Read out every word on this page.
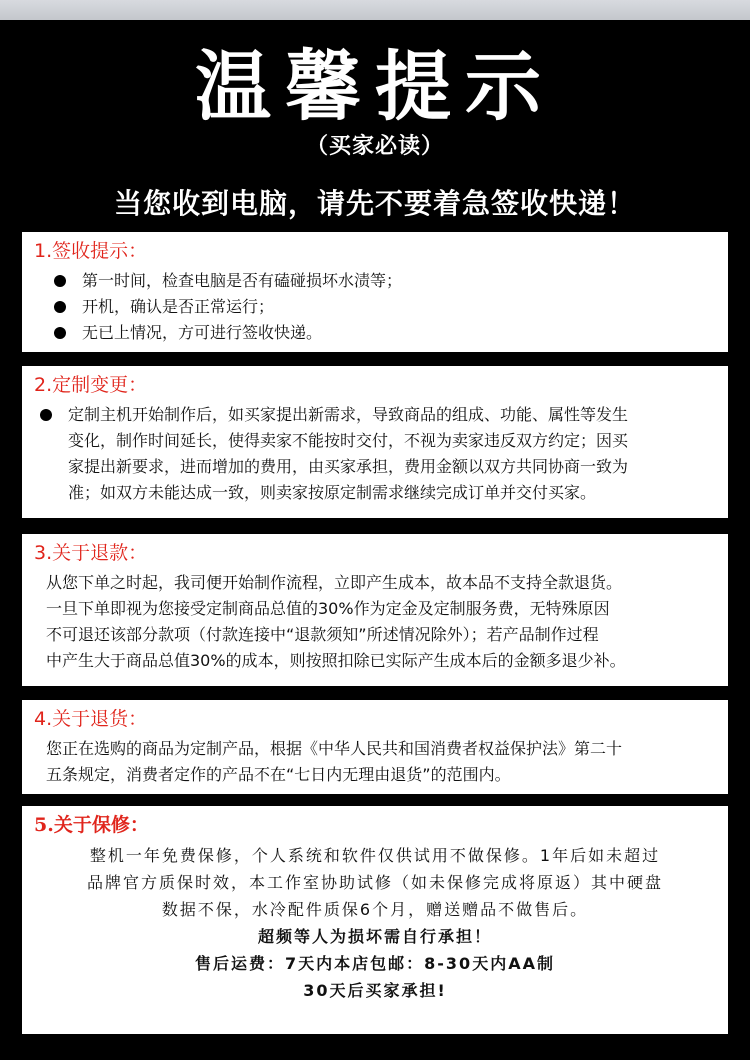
温馨提示
（买家必读）
当您收到电脑，请先不要着急签收快递！
1.签收提示：
第一时间，检查电脑是否有磕碰损坏水渍等；
开机，确认是否正常运行；
无已上情况，方可进行签收快递。
2.定制变更：

定制主机开始制作后，如买家提出新需求，导致商品的组成、功能、属性等发生

变化，制作时间延长，使得卖家不能按时交付，不视为卖家违反双方约定；因买

家提出新要求，进而增加的费用，由买家承担，费用金额以双方共同协商一致为

准；如双方未能达成一致，则卖家按原定制需求继续完成订单并交付买家。

3.关于退款：

从您下单之时起，我司便开始制作流程，立即产生成本，故本品不支持全款退货。

一旦下单即视为您接受定制商品总值的30%作为定金及定制服务费，无特殊原因

不可退还该部分款项（付款连接中“退款须知”所述情况除外）；若产品制作过程

中产生大于商品总值30%的成本，则按照扣除已实际产生成本后的金额多退少补。

4.关于退货：

您正在选购的商品为定制产品，根据《中华人民共和国消费者权益保护法》第二十

五条规定，消费者定作的产品不在“七日内无理由退货”的范围内。

5.关于保修：

整机一年免费保修，个人系统和软件仅供试用不做保修。1年后如未超过

品牌官方质保时效，本工作室协助试修（如未保修完成将原返）其中硬盘

数据不保，水冷配件质保6个月，赠送赠品不做售后。

超频等人为损坏需自行承担！

售后运费：7天内本店包邮：8-30天内AA制

30天后买家承担!
